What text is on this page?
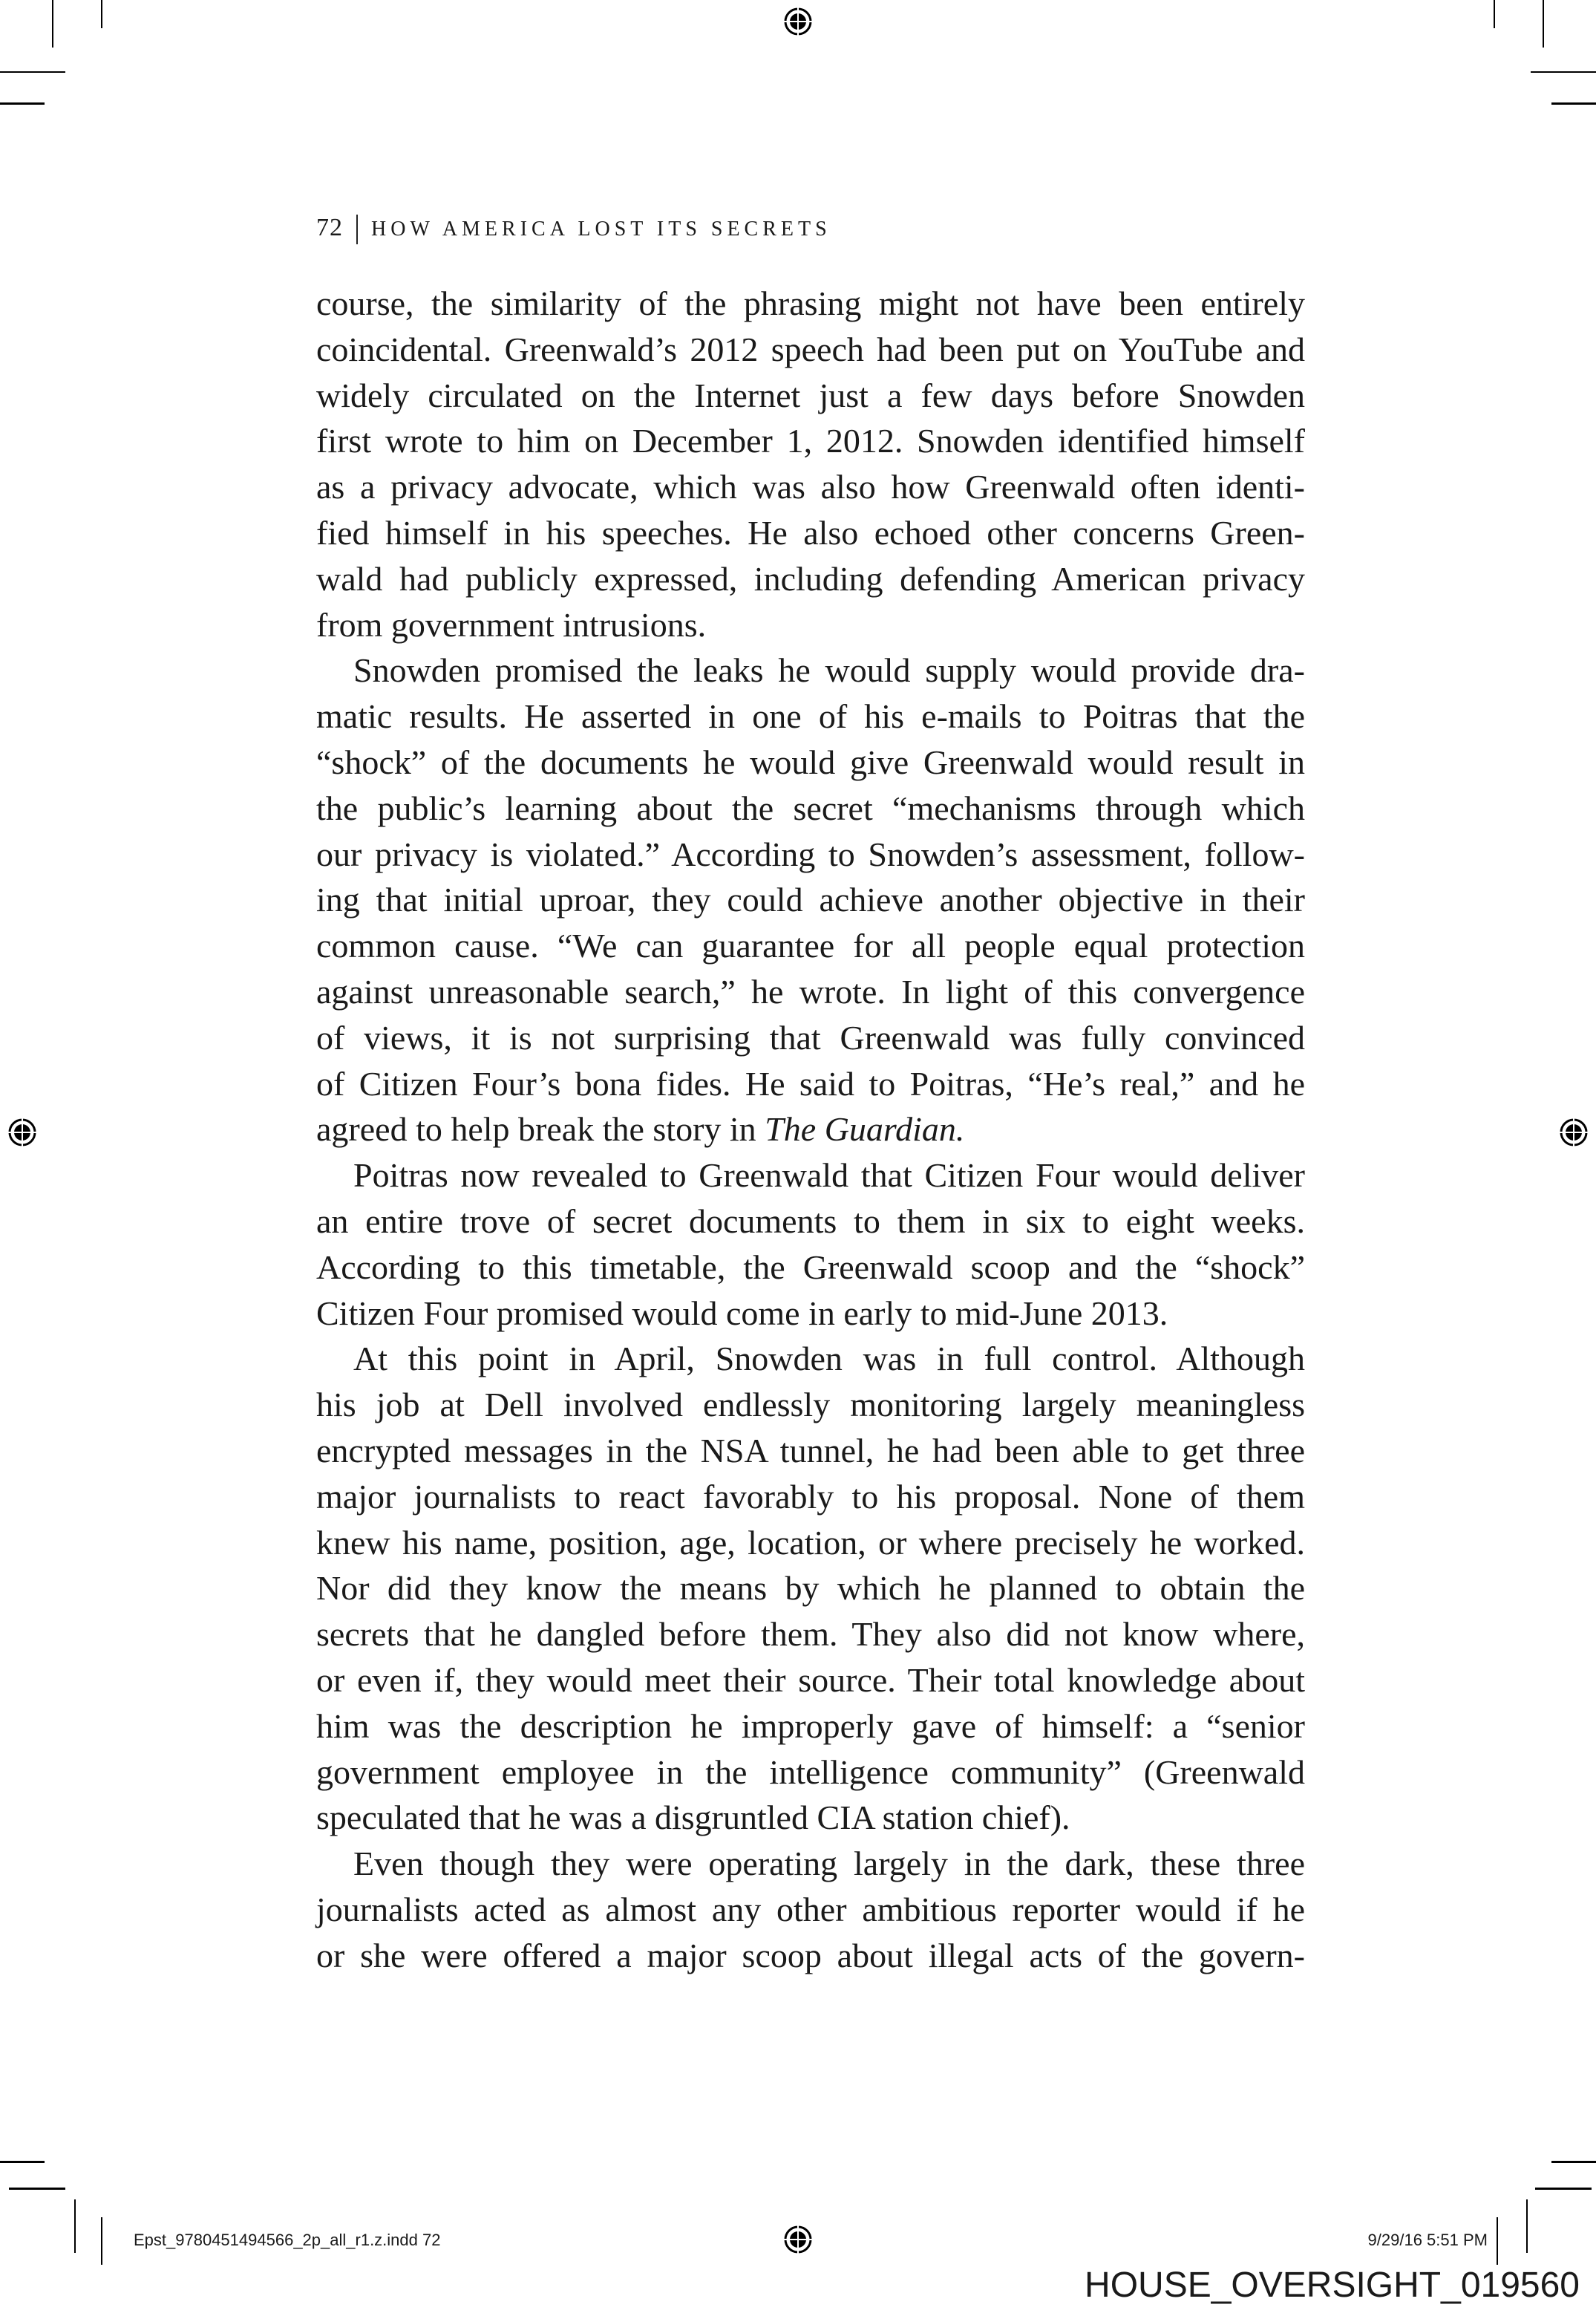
72 HOW AMERICA LOST ITS SECRETS
course, the similarity of the phrasing might not have been entirely
coincidental. Greenwald’s 2012 speech had been put on YouTube and
widely circulated on the Internet just a few days before Snowden
first wrote to him on December 1, 2012. Snowden identified himself
as a privacy advocate, which was also how Greenwald often identi-
fied himself in his speeches. He also echoed other concerns Green-
wald had publicly expressed, including defending American privacy
from government intrusions.
Snowden promised the leaks he would supply would provide dra-
matic results. He asserted in one of his e-mails to Poitras that the
“shock” of the documents he would give Greenwald would result in
the public’s learning about the secret “mechanisms through which
our privacy is violated.” According to Snowden’s assessment, follow-
ing that initial uproar, they could achieve another objective in their
common cause. “We can guarantee for all people equal protection
against unreasonable search,” he wrote. In light of this convergence
of views, it is not surprising that Greenwald was fully convinced
of Citizen Four’s bona fides. He said to Poitras, “He’s real,” and he
agreed to help break the story in The Guardian.
Poitras now revealed to Greenwald that Citizen Four would deliver
an entire trove of secret documents to them in six to eight weeks.
According to this timetable, the Greenwald scoop and the “shock”
Citizen Four promised would come in early to mid-June 2013.
At this point in April, Snowden was in full control. Although
his job at Dell involved endlessly monitoring largely meaningless
encrypted messages in the NSA tunnel, he had been able to get three
major journalists to react favorably to his proposal. None of them
knew his name, position, age, location, or where precisely he worked.
Nor did they know the means by which he planned to obtain the
secrets that he dangled before them. They also did not know where,
or even if, they would meet their source. Their total knowledge about
him was the description he improperly gave of himself: a “senior
government employee in the intelligence community” (Greenwald
speculated that he was a disgruntled CIA station chief).
Even though they were operating largely in the dark, these three
journalists acted as almost any other ambitious reporter would if he
or she were offered a major scoop about illegal acts of the govern-
Epst_9780451494566_2p_all_r1.z.indd 72	9/29/16 5:51 PM
HOUSE_OVERSIGHT_019560
